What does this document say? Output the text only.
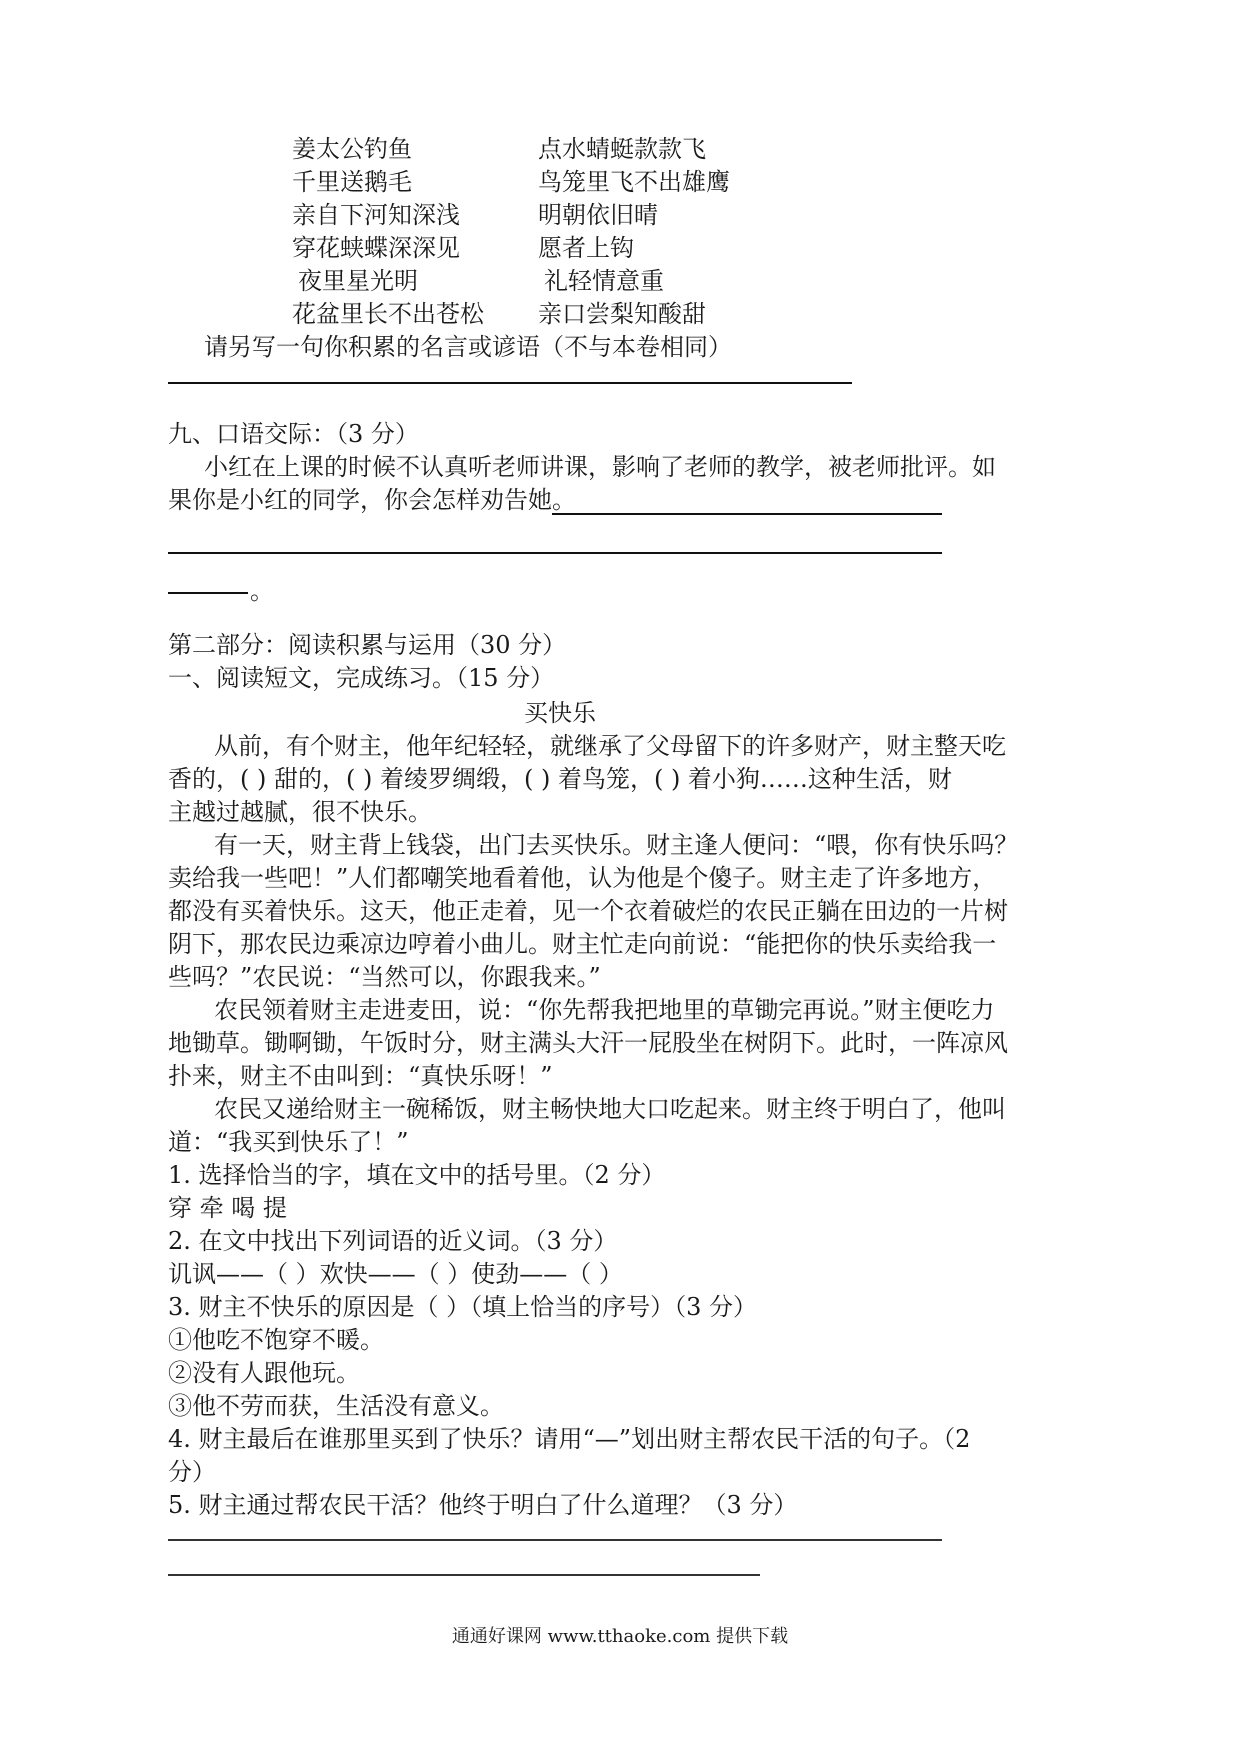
姜太公钓鱼
千里送鹅毛
亲自下河知深浅
穿花蛱蝶深深见
夜里星光明
花盆里长不出苍松
点水蜻蜓款款飞
鸟笼里飞不出雄鹰
明朝依旧晴
愿者上钩
礼轻情意重
亲口尝梨知酸甜
请另写一句你积累的名言或谚语（不与本卷相同）
九、口语交际：（3 分）
小红在上课的时候不认真听老师讲课，影响了老师的教学，被老师批评。如
果你是小红的同学，你会怎样劝告她。
。
第二部分：阅读积累与运用（30 分）
一、阅读短文，完成练习。（15 分）
买快乐
从前，有个财主，他年纪轻轻，就继承了父母留下的许多财产，财主整天吃
香的，( ) 甜的，( ) 着绫罗绸缎，( ) 着鸟笼，( ) 着小狗……这种生活，财
主越过越腻，很不快乐。
有一天，财主背上钱袋，出门去买快乐。财主逢人便问：“喂，你有快乐吗？
卖给我一些吧！”人们都嘲笑地看着他，认为他是个傻子。财主走了许多地方，
都没有买着快乐。这天，他正走着，见一个衣着破烂的农民正躺在田边的一片树
阴下，那农民边乘凉边哼着小曲儿。财主忙走向前说：“能把你的快乐卖给我一
些吗？”农民说：“当然可以，你跟我来。”
农民领着财主走进麦田，说：“你先帮我把地里的草锄完再说。”财主便吃力
地锄草。锄啊锄，午饭时分，财主满头大汗一屁股坐在树阴下。此时，一阵凉风
扑来，财主不由叫到：“真快乐呀！”
农民又递给财主一碗稀饭，财主畅快地大口吃起来。财主终于明白了，他叫
道：“我买到快乐了！”
1. 选择恰当的字，填在文中的括号里。（2 分）
穿 牵 喝 提
2. 在文中找出下列词语的近义词。（3 分）
讥讽——（ ）欢快——（ ）使劲——（ ）
3. 财主不快乐的原因是（ ）（填上恰当的序号）（3 分）
①他吃不饱穿不暖。
②没有人跟他玩。
③他不劳而获，生活没有意义。
4. 财主最后在谁那里买到了快乐？请用“—”划出财主帮农民干活的句子。（2
分）
5. 财主通过帮农民干活？他终于明白了什么道理？（3 分）
通通好课网 www.tthaoke.com 提供下载
